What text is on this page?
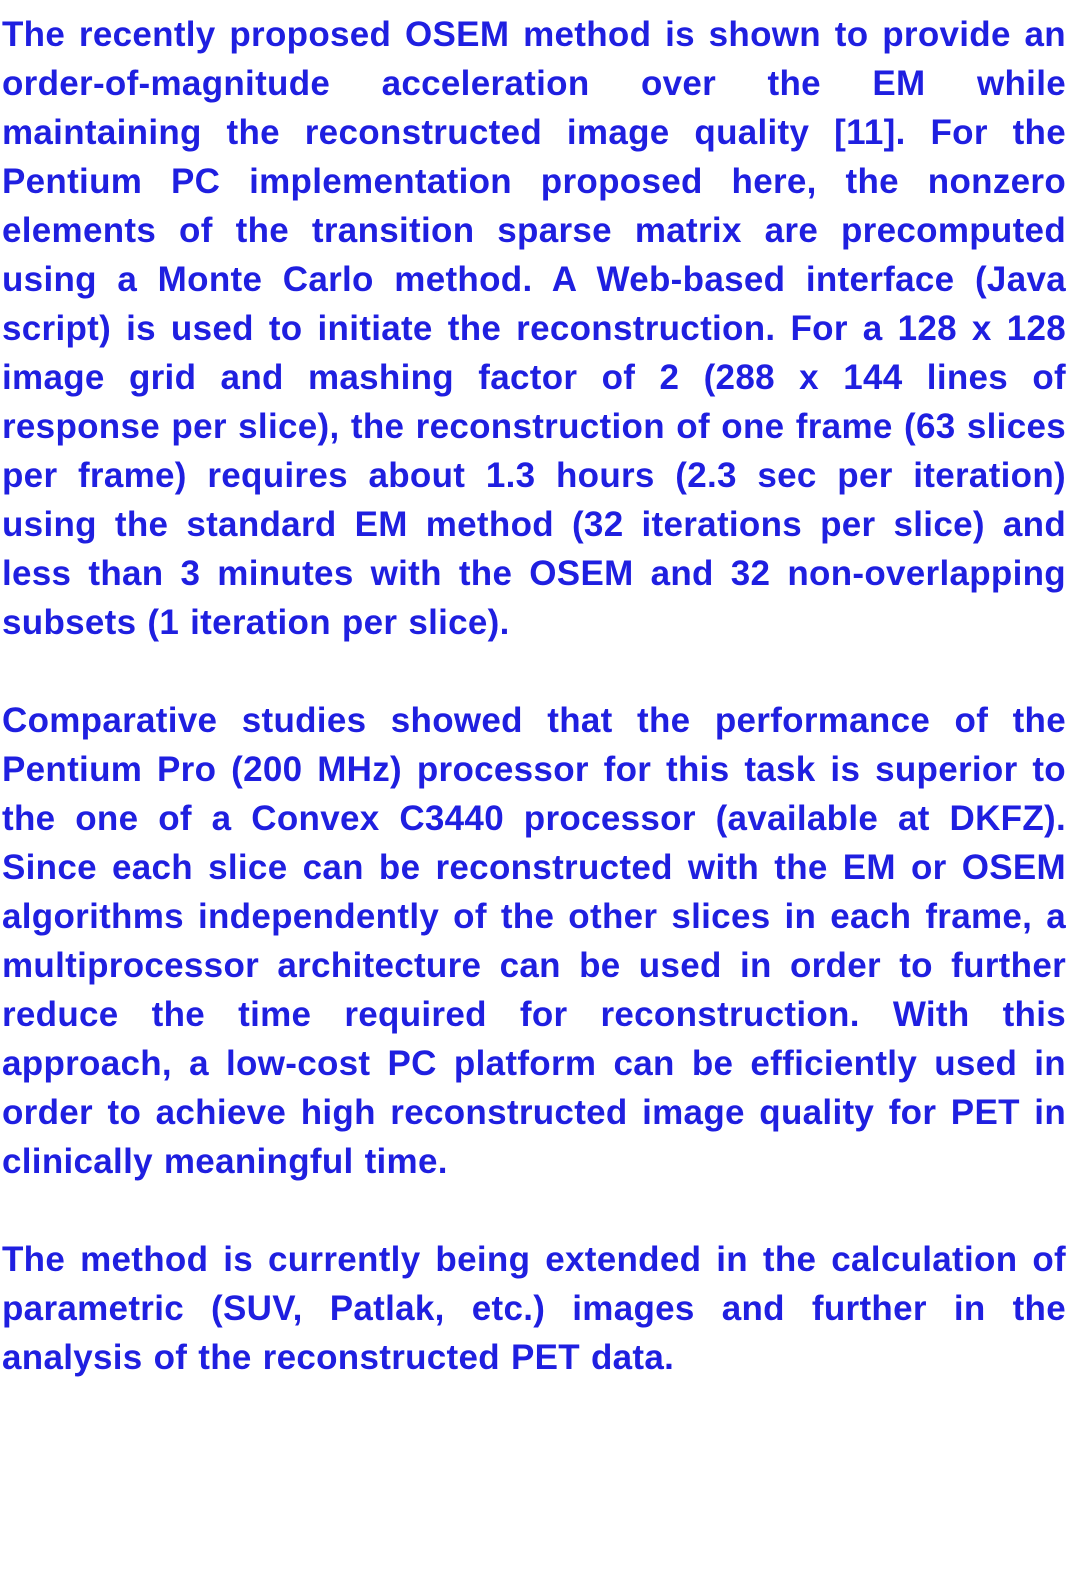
The recently proposed OSEM method is shown to provide an order-of-magnitude acceleration over the EM while maintaining the reconstructed image quality [11]. For the Pentium PC implementation proposed here, the nonzero elements of the transition sparse matrix are precomputed using a Monte Carlo method. A Web-based interface (Java script) is used to initiate the reconstruction. For a 128 x 128 image grid and mashing factor of 2 (288 x 144 lines of response per slice), the reconstruction of one frame (63 slices per frame) requires about 1.3 hours (2.3 sec per iteration) using the standard EM method (32 iterations per slice) and less than 3 minutes with the OSEM and 32 non-overlapping subsets (1 iteration per slice).

Comparative studies showed that the performance of the Pentium Pro (200 MHz) processor for this task is superior to the one of a Convex C3440 processor (available at DKFZ). Since each slice can be reconstructed with the EM or OSEM algorithms independently of the other slices in each frame, a multiprocessor architecture can be used in order to further reduce the time required for reconstruction. With this approach, a low-cost PC platform can be efficiently used in order to achieve high reconstructed image quality for PET in clinically meaningful time.

The method is currently being extended in the calculation of parametric (SUV, Patlak, etc.) images and further in the analysis of the reconstructed PET data.
